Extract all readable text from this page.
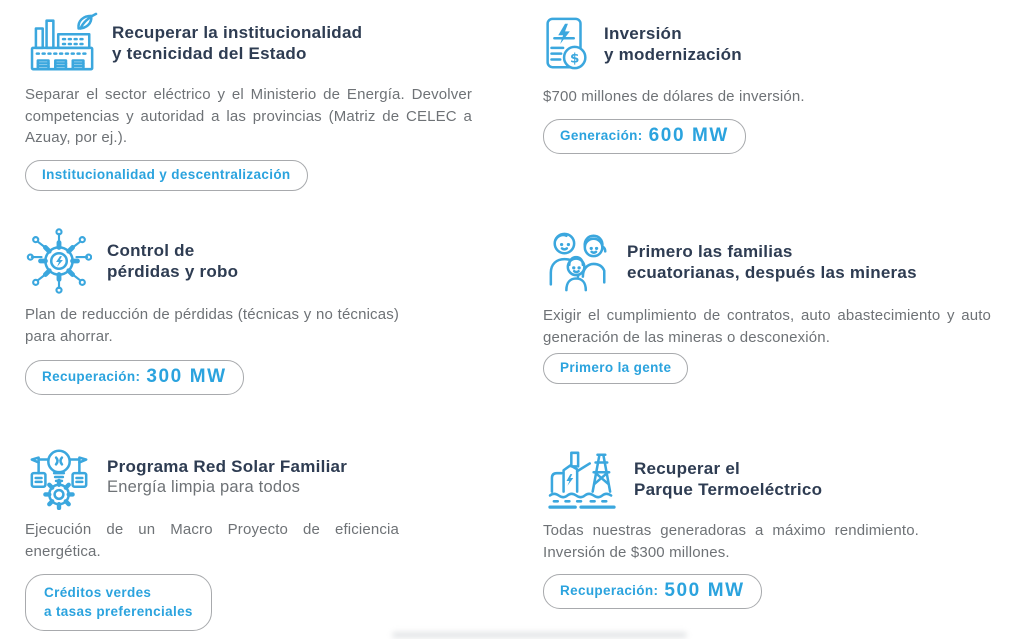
Recuperar la institucionalidad
y tecnicidad del Estado

Separar el sector eléctrico y el Ministerio de Energía. Devolver competencias y autoridad a las provincias (Matriz de CELEC a Azuay, por ej.).

Institucionalidad y descentralización
$
Inversión
y modernización

$700 millones de dólares de inversión.

Generación: 600 MW
Control de
pérdidas y robo

Plan de reducción de pérdidas (técnicas y no técnicas) para ahorrar.

Recuperación: 300 MW
Primero las familias
ecuatorianas, después las mineras

Exigir el cumplimiento de contratos, auto abastecimiento y auto generación de las mineras o desconexión.

Primero la gente
Programa Red Solar Familiar
Energía limpia para todos

Ejecución de un Macro Proyecto de eficiencia energética.

Créditos verdes
a tasas preferenciales
Recuperar el
Parque Termoeléctrico

Todas nuestras generadoras a máximo rendimiento. Inversión de $300 millones.

Recuperación: 500 MW
